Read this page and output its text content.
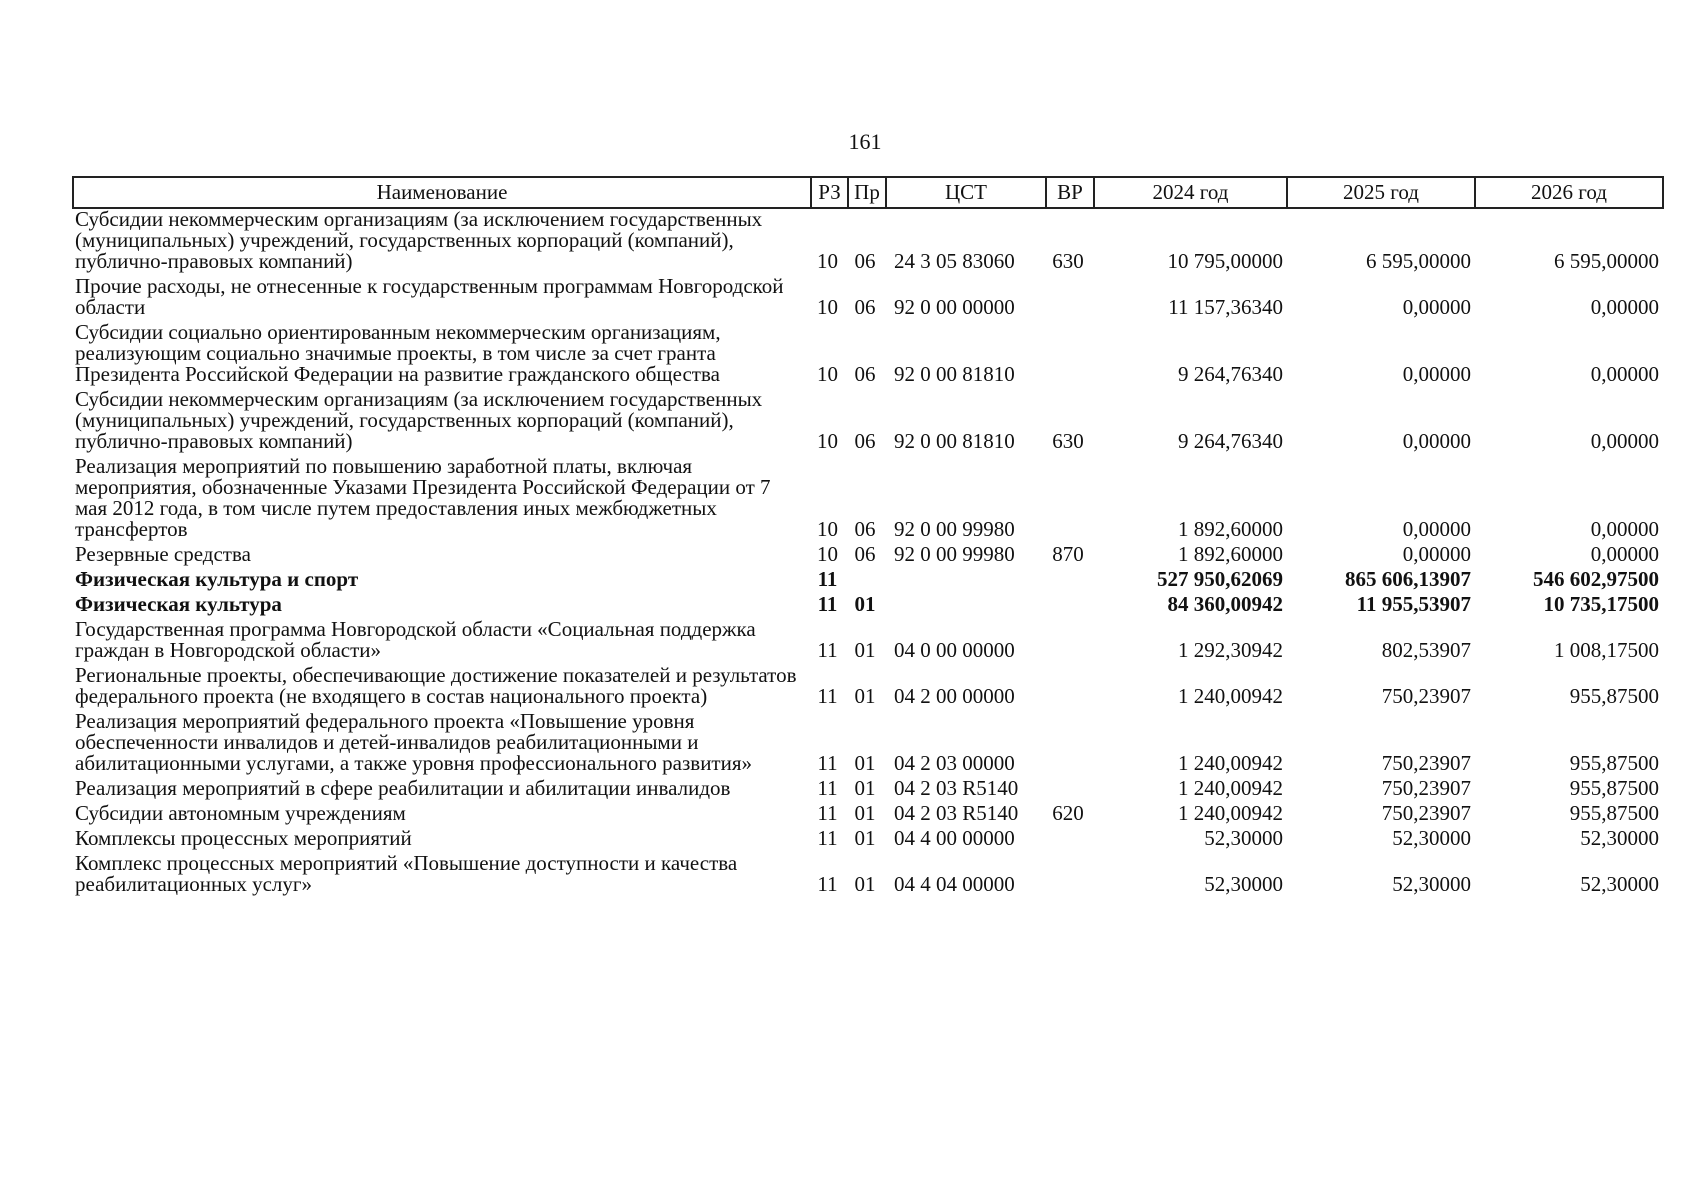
161
Наименование	РЗ	Пр	ЦСТ	ВР	2024 год	2025 год	2026 год
Субсидии некоммерческим организациям (за исключением государственных (муниципальных) учреждений, государственных корпораций (компаний), публично-правовых компаний)	10	06	24 3 05 83060	630	10 795,00000	6 595,00000	6 595,00000
Прочие расходы, не отнесенные к государственным программам Новгородской области	10	06	92 0 00 00000		11 157,36340	0,00000	0,00000
Субсидии социально ориентированным некоммерческим организациям, реализующим социально значимые проекты, в том числе за счет гранта Президента Российской Федерации на развитие гражданского общества	10	06	92 0 00 81810		9 264,76340	0,00000	0,00000
Субсидии некоммерческим организациям (за исключением государственных (муниципальных) учреждений, государственных корпораций (компаний), публично-правовых компаний)	10	06	92 0 00 81810	630	9 264,76340	0,00000	0,00000
Реализация мероприятий по повышению заработной платы, включая мероприятия, обозначенные Указами Президента Российской Федерации от 7 мая 2012 года, в том числе путем предоставления иных межбюджетных трансфертов	10	06	92 0 00 99980		1 892,60000	0,00000	0,00000
Резервные средства	10	06	92 0 00 99980	870	1 892,60000	0,00000	0,00000
Физическая культура и спорт	11				527 950,62069	865 606,13907	546 602,97500
Физическая культура	11	01			84 360,00942	11 955,53907	10 735,17500
Государственная программа Новгородской области «Социальная поддержка граждан в Новгородской области»	11	01	04 0 00 00000		1 292,30942	802,53907	1 008,17500
Региональные проекты, обеспечивающие достижение показателей и результатов федерального проекта (не входящего в состав национального проекта)	11	01	04 2 00 00000		1 240,00942	750,23907	955,87500
Реализация мероприятий федерального проекта «Повышение уровня обеспеченности инвалидов и детей-инвалидов реабилитационными и абилитационными услугами, а также уровня профессионального развития»	11	01	04 2 03 00000		1 240,00942	750,23907	955,87500
Реализация мероприятий в сфере реабилитации и абилитации инвалидов	11	01	04 2 03 R5140		1 240,00942	750,23907	955,87500
Субсидии автономным учреждениям	11	01	04 2 03 R5140	620	1 240,00942	750,23907	955,87500
Комплексы процессных мероприятий	11	01	04 4 00 00000		52,30000	52,30000	52,30000
Комплекс процессных мероприятий «Повышение доступности и качества реабилитационных услуг»	11	01	04 4 04 00000		52,30000	52,30000	52,30000
